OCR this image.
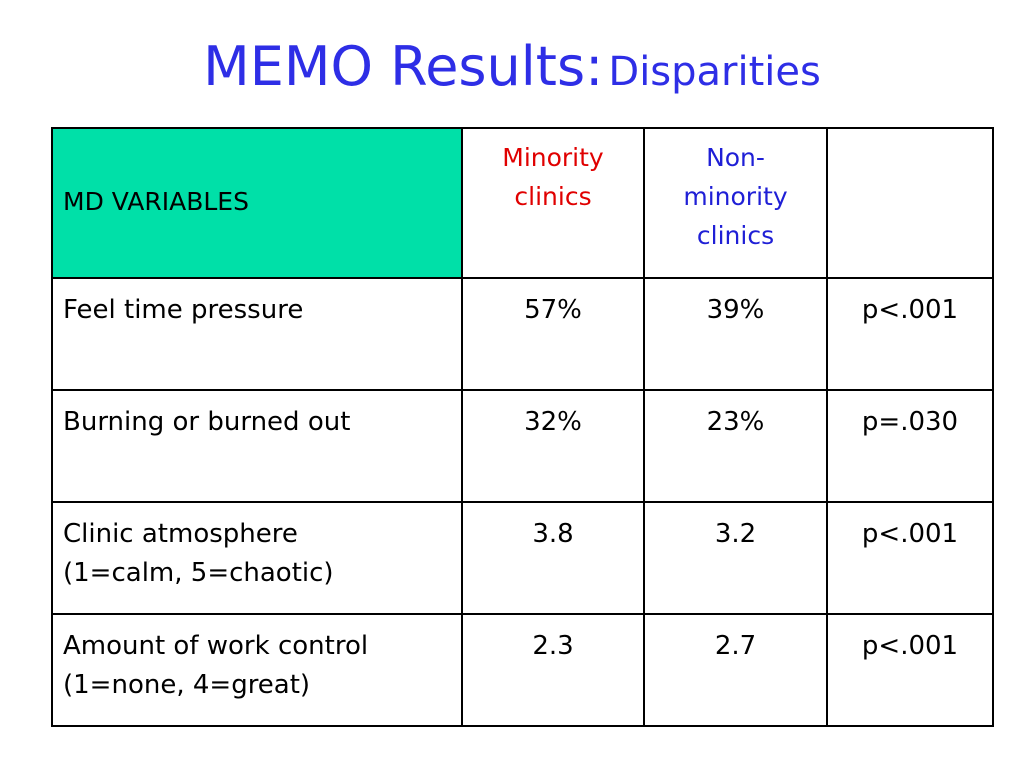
MEMO Results: Disparities
MD VARIABLES	Minority clinics	Non-minority clinics	

Feel time pressure	57%	39%	p<.001

Burning or burned out	32%	23%	p=.030

Clinic atmosphere
(1=calm, 5=chaotic)	3.8	3.2	p<.001

Amount of work control
(1=none, 4=great)	2.3	2.7	p<.001
